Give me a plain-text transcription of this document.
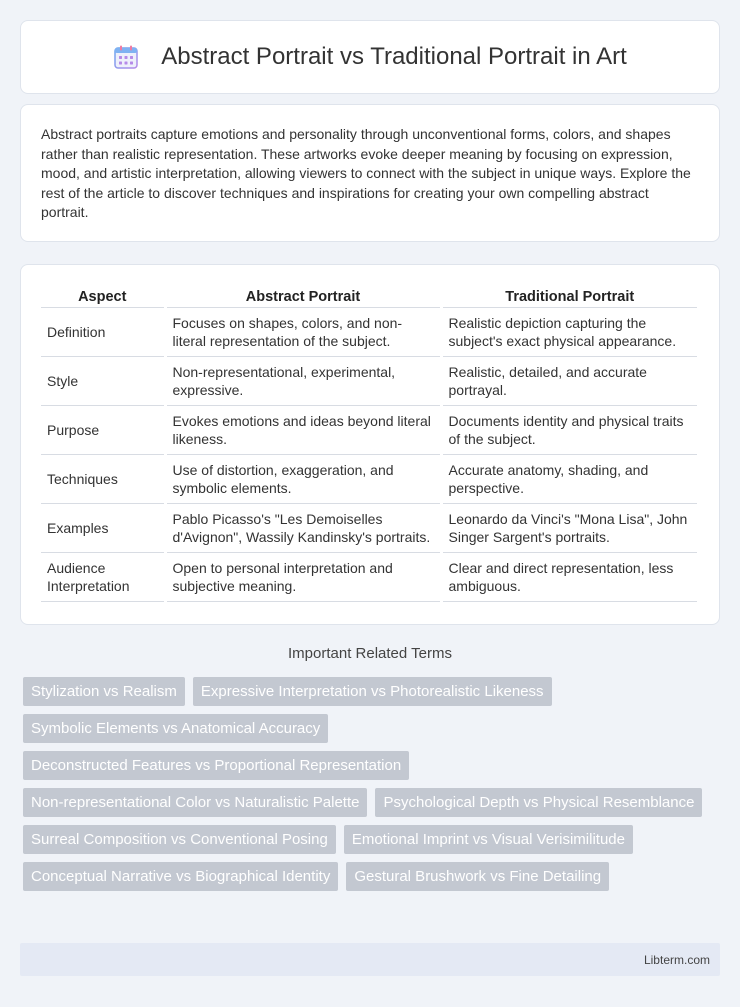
Abstract Portrait vs Traditional Portrait in Art

Abstract portraits capture emotions and personality through unconventional forms, colors, and shapes rather than realistic representation. These artworks evoke deeper meaning by focusing on expression, mood, and artistic interpretation, allowing viewers to connect with the subject in unique ways. Explore the rest of the article to discover techniques and inspirations for creating your own compelling abstract portrait.

Aspect	Abstract Portrait	Traditional Portrait
Definition	Focuses on shapes, colors, and non-literal representation of the subject.	Realistic depiction capturing the subject's exact physical appearance.
Style	Non-representational, experimental, expressive.	Realistic, detailed, and accurate portrayal.
Purpose	Evokes emotions and ideas beyond literal likeness.	Documents identity and physical traits of the subject.
Techniques	Use of distortion, exaggeration, and symbolic elements.	Accurate anatomy, shading, and perspective.
Examples	Pablo Picasso's "Les Demoiselles d'Avignon", Wassily Kandinsky's portraits.	Leonardo da Vinci's "Mona Lisa", John Singer Sargent's portraits.
Audience Interpretation	Open to personal interpretation and subjective meaning.	Clear and direct representation, less ambiguous.
Important Related Terms
Stylization vs Realism	Expressive Interpretation vs Photorealistic Likeness
Symbolic Elements vs Anatomical Accuracy
Deconstructed Features vs Proportional Representation
Non-representational Color vs Naturalistic Palette	Psychological Depth vs Physical Resemblance
Surreal Composition vs Conventional Posing	Emotional Imprint vs Visual Verisimilitude
Conceptual Narrative vs Biographical Identity	Gestural Brushwork vs Fine Detailing
Libterm.com
